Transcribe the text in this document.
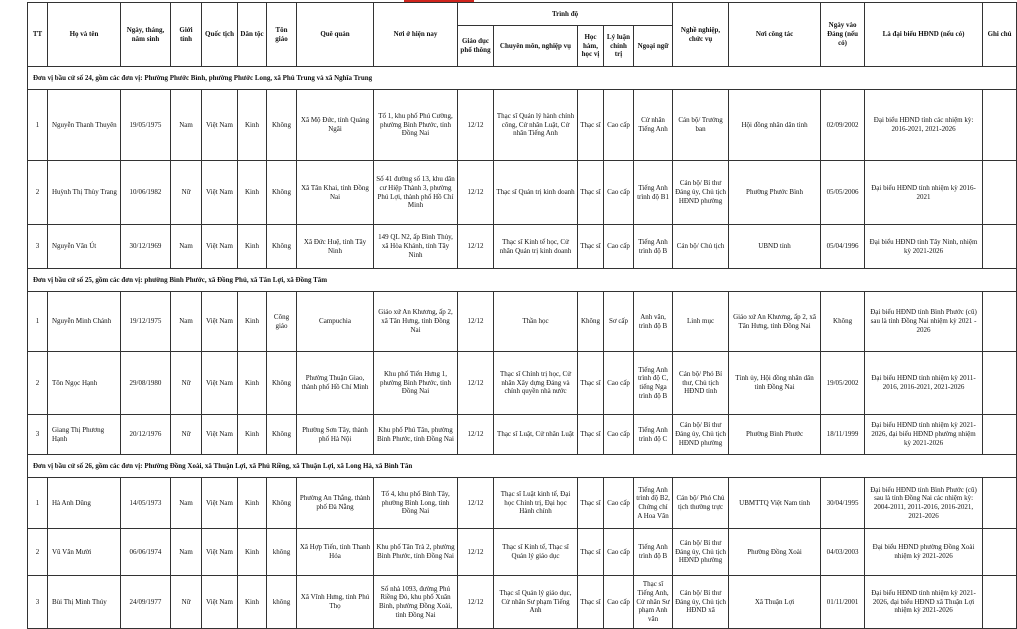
TT	Họ và tên	Ngày, tháng, năm sinh	Giới tính	Quốc tịch	Dân tộc	Tôn giáo	Quê quán	Nơi ở hiện nay	Trình độ					Nghề nghiệp, chức vụ	Nơi công tác	Ngày vào Đảng (nếu có)	Là đại biểu HĐND (nếu có)	Ghi chú
									Giáo dục phổ thông	Chuyên môn, nghiệp vụ	Học hàm, học vị	Lý luận chính trị	Ngoại ngữ					
Đơn vị bầu cử số 24, gồm các đơn vị: Phường Phước Bình, phường Phước Long, xã Phú Trung và xã Nghĩa Trung																		
1	Nguyễn Thanh Thuyên	19/05/1975	Nam	Việt Nam	Kinh	Không	Xã Mộ Đức, tỉnh Quảng Ngãi	Tổ 1, khu phố Phú Cường, phường Bình Phước, tỉnh Đồng Nai	12/12	Thạc sĩ Quản lý hành chính công, Cử nhân Luật, Cử nhân Tiếng Anh	Thạc sĩ	Cao cấp	Cử nhân Tiếng Anh	Cán bộ/ Trưởng ban	Hội đồng nhân dân tỉnh	02/09/2002	Đại biểu HĐND tỉnh các nhiệm kỳ: 2016-2021, 2021-2026	
2	Huỳnh Thị Thùy Trang	10/06/1982	Nữ	Việt Nam	Kinh	Không	Xã Tân Khai, tỉnh Đồng Nai	Số 41 đường số 13, khu dân cư Hiệp Thành 3, phường Phú Lợi, thành phố Hồ Chí Minh	12/12	Thạc sĩ Quản trị kinh doanh	Thạc sĩ	Cao cấp	Tiếng Anh trình độ B1	Cán bộ/ Bí thư Đảng ủy, Chủ tịch HĐND phường	Phường Phước Bình	05/05/2006	Đại biểu HĐND tỉnh nhiệm kỳ 2016-2021	
3	Nguyễn Văn Út	30/12/1969	Nam	Việt Nam	Kinh	Không	Xã Đức Huệ, tỉnh Tây Ninh	149 QL N2, ấp Bình Thủy, xã Hòa Khánh, tỉnh Tây Ninh	12/12	Thạc sĩ Kinh tế học, Cử nhân Quản trị kinh doanh	Thạc sĩ	Cao cấp	Tiếng Anh trình độ B	Cán bộ/ Chủ tịch	UBND tỉnh	05/04/1996	Đại biểu HĐND tỉnh Tây Ninh, nhiệm kỳ 2021-2026	
Đơn vị bầu cử số 25, gồm các đơn vị: phường Bình Phước, xã Đồng Phú, xã Tân Lợi, xã Đồng Tâm																		
1	Nguyễn Minh Chánh	19/12/1975	Nam	Việt Nam	Kinh	Công giáo	Campuchia	Giáo xứ An Khương, ấp 2, xã Tân Hưng, tỉnh Đồng Nai	12/12	Thần học	Không	Sơ cấp	Anh văn, trình độ B	Linh mục	Giáo xứ An Khương, ấp 2, xã Tân Hưng, tỉnh Đồng Nai	Không	Đại biểu HĐND tỉnh Bình Phước (cũ) sau là tỉnh Đồng Nai nhiệm kỳ 2021 - 2026	
2	Tôn Ngọc Hạnh	29/08/1980	Nữ	Việt Nam	Kinh	Không	Phường Thuận Giao, thành phố Hồ Chí Minh	Khu phố Tiến Hưng 1, phường Bình Phước, tỉnh Đồng Nai	12/12	Thạc sĩ Chính trị học, Cử nhân Xây dựng Đảng và chính quyền nhà nước	Thạc sĩ	Cao cấp	Tiếng Anh trình độ C, tiếng Nga trình độ B	Cán bộ/ Phó Bí thư, Chủ tịch HĐND tỉnh	Tỉnh ủy, Hội đồng nhân dân tỉnh Đồng Nai	19/05/2002	Đại biểu HĐND tỉnh nhiệm kỳ 2011-2016, 2016-2021, 2021-2026	
3	Giang Thị Phương Hạnh	20/12/1976	Nữ	Việt Nam	Kinh	Không	Phường Sơn Tây, thành phố Hà Nội	Khu phố Phú Tân, phường Bình Phước, tỉnh Đồng Nai	12/12	Thạc sĩ Luật, Cử nhân Luật	Thạc sĩ	Cao cấp	Tiếng Anh trình độ C	Cán bộ/ Bí thư Đảng ủy, Chủ tịch HĐND phường	Phường Bình Phước	18/11/1999	Đại biểu HĐND tỉnh nhiệm kỳ 2021-2026, đại biểu HĐND phường nhiệm kỳ 2021-2026	
Đơn vị bầu cử số 26, gồm các đơn vị: Phường Đồng Xoài, xã Thuận Lợi, xã Phú Riềng, xã Thuận Lợi, xã Long Hà, xã Bình Tân																		
1	Hà Anh Dũng	14/05/1973	Nam	Việt Nam	Kinh	Không	Phường An Thắng, thành phố Đà Nẵng	Tổ 4, khu phố Bình Tây, phường Bình Long, tỉnh Đồng Nai	12/12	Thạc sĩ Luật kinh tế, Đại học Chính trị, Đại học Hành chính	Thạc sĩ	Cao cấp	Tiếng Anh trình độ B2, Chứng chỉ A Hoa Văn	Cán bộ/ Phó Chủ tịch thường trực	UBMTTQ Việt Nam tỉnh	30/04/1995	Đại biểu HĐND tỉnh Bình Phước (cũ) sau là tỉnh Đồng Nai các nhiệm kỳ: 2004-2011, 2011-2016, 2016-2021, 2021-2026	
2	Vũ Văn Mười	06/06/1974	Nam	Việt Nam	Kinh	không	Xã Hợp Tiến, tỉnh Thanh Hóa	Khu phố Tân Trà 2, phường Bình Phước, tỉnh Đồng Nai	12/12	Thạc sĩ Kinh tế, Thạc sĩ Quản lý giáo dục	Thạc sĩ	Cao cấp	Tiếng Anh trình độ B	Cán bộ/ Bí thư Đảng ủy, Chủ tịch HĐND phường	Phường Đồng Xoài	04/03/2003	Đại biểu HĐND phường Đồng Xoài nhiệm kỳ 2021-2026	
3	Bùi Thị Minh Thúy	24/09/1977	Nữ	Việt Nam	Kinh	không	Xã Vĩnh Hưng, tỉnh Phú Thọ	Số nhà 1093, đường Phú Riềng Đỏ, khu phố Xuân Bình, phường Đồng Xoài, tỉnh Đồng Nai	12/12	Thạc sĩ Quản lý giáo dục, Cử nhân Sư phạm Tiếng Anh	Thạc sĩ	Cao cấp	Thạc sĩ Tiếng Anh, Cử nhân Sư phạm Anh văn	Cán bộ/ Bí thư Đảng ủy, Chủ tịch HĐND xã	Xã Thuận Lợi	01/11/2001	Đại biểu HĐND tỉnh nhiệm kỳ 2021-2026, đại biểu HĐND xã Thuận Lợi nhiệm kỳ 2021-2026	
